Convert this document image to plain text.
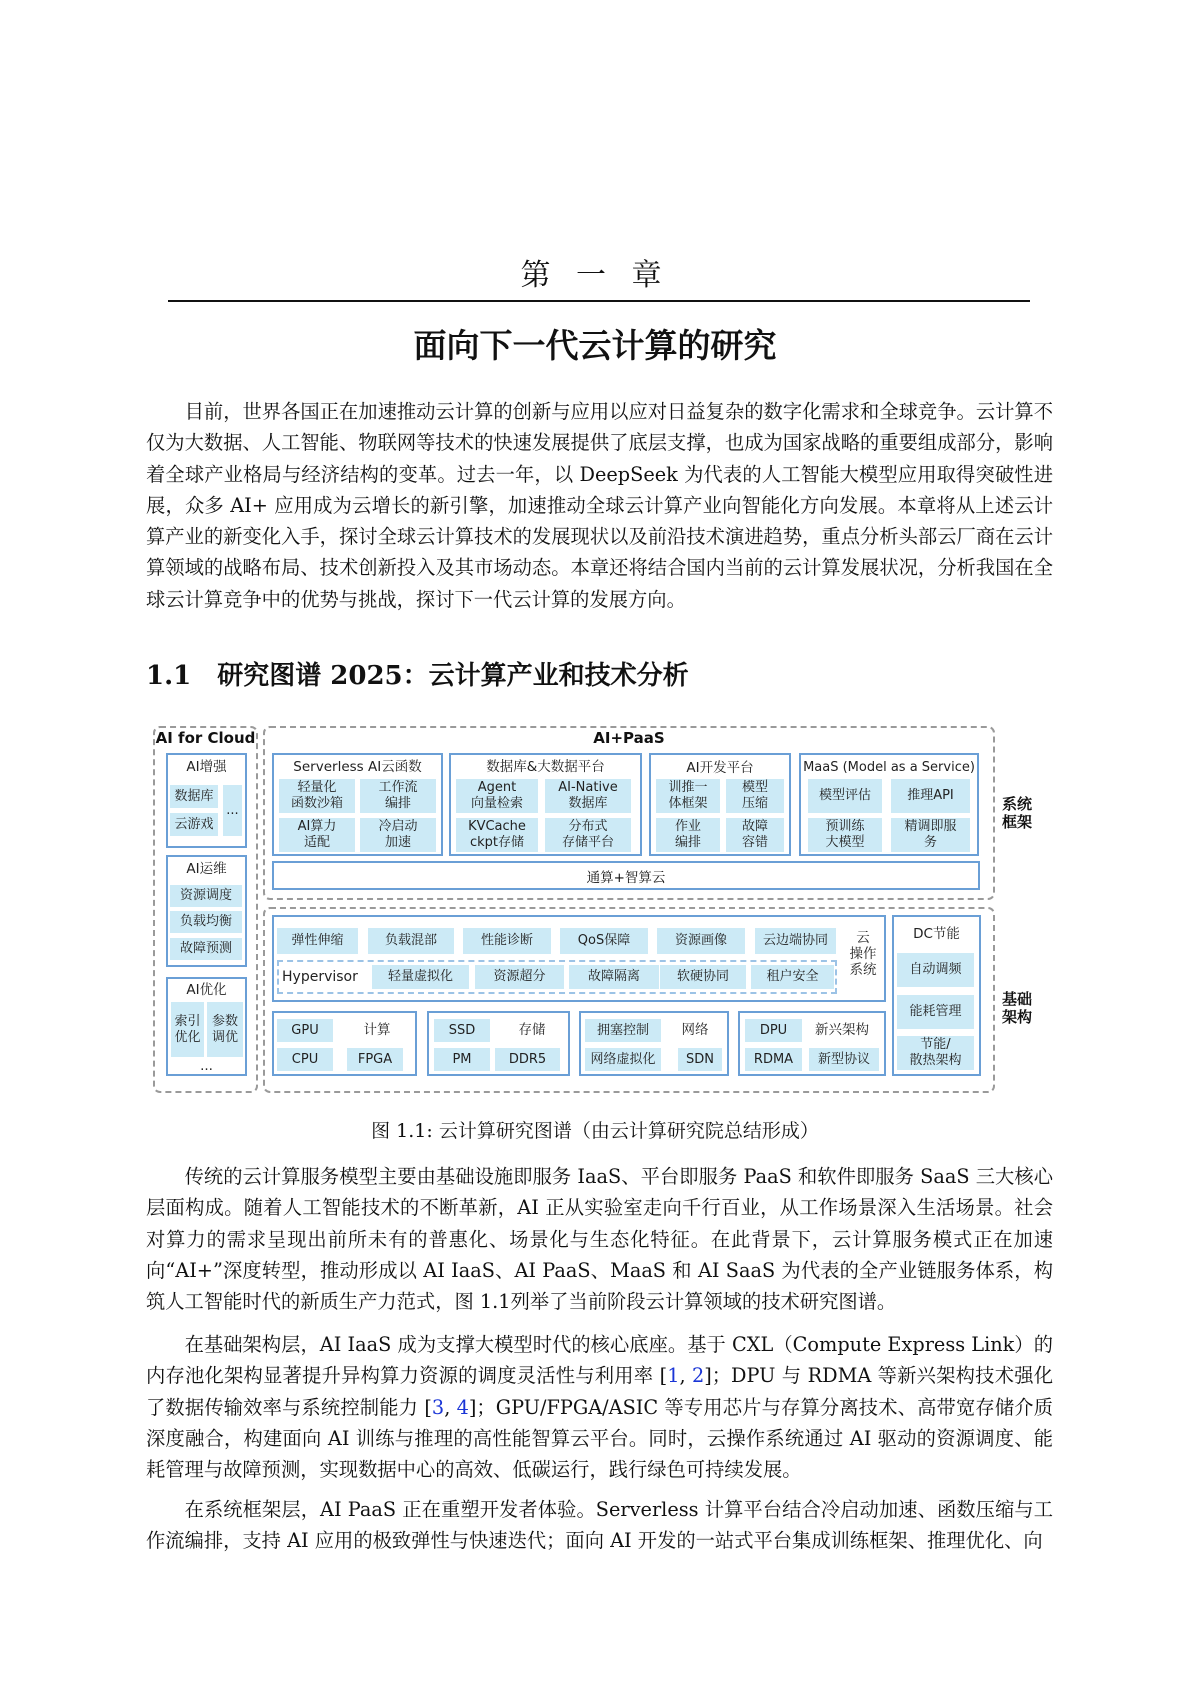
第 一 章
面向下一代云计算的研究

目前，世界各国正在加速推动云计算的创新与应用以应对日益复杂的数字化需求和全球竞争。云计算不仅为大数据、人工智能、物联网等技术的快速发展提供了底层支撑，也成为国家战略的重要组成部分，影响着全球产业格局与经济结构的变革。过去一年，以 DeepSeek 为代表的人工智能大模型应用取得突破性进展，众多 AI+ 应用成为云增长的新引擎，加速推动全球云计算产业向智能化方向发展。本章将从上述云计算产业的新变化入手，探讨全球云计算技术的发展现状以及前沿技术演进趋势，重点分析头部云厂商在云计算领域的战略布局、技术创新投入及其市场动态。本章还将结合国内当前的云计算发展状况，分析我国在全球云计算竞争中的优势与挑战，探讨下一代云计算的发展方向。

1.1 研究图谱 2025：云计算产业和技术分析
AI for Cloud
AI增强
数据库
云游戏
...
AI运维
资源调度
负载均衡
故障预测
AI优化
索引
优化
参数
调优
...
AI+PaaS
Serverless AI云函数
轻量化
函数沙箱
工作流
编排
AI算力
适配
冷启动
加速
数据库&大数据平台
Agent
向量检索
AI-Native
数据库
KVCache
ckpt存储
分布式
存储平台
AI开发平台
训推一
体框架
模型
压缩
作业
编排
故障
容错
MaaS (Model as a Service)
模型评估	推理API
预训练
大模型
精调即服
务
通算+智算云
系统
框架
弹性伸缩	负载混部	性能诊断	QoS保障	资源画像	云边端协同
Hypervisor	轻量虚拟化	资源超分	故障隔离	软硬协同	租户安全
云
操作
系统
GPU	计算
CPU	FPGA
SSD	存储
PM	DDR5
拥塞控制	网络
网络虚拟化	SDN
DPU	新兴架构
RDMA	新型协议
DC节能
自动调频
能耗管理
节能/
散热架构
基础
架构
图 1.1: 云计算研究图谱（由云计算研究院总结形成）

传统的云计算服务模型主要由基础设施即服务 IaaS、平台即服务 PaaS 和软件即服务 SaaS 三大核心层面构成。随着人工智能技术的不断革新，AI 正从实验室走向千行百业，从工作场景深入生活场景。社会对算力的需求呈现出前所未有的普惠化、场景化与生态化特征。在此背景下，云计算服务模式正在加速向“AI+”深度转型，推动形成以 AI IaaS、AI PaaS、MaaS 和 AI SaaS 为代表的全产业链服务体系，构筑人工智能时代的新质生产力范式，图 1.1列举了当前阶段云计算领域的技术研究图谱。

在基础架构层，AI IaaS 成为支撑大模型时代的核心底座。基于 CXL（Compute Express Link）的内存池化架构显著提升异构算力资源的调度灵活性与利用率 [1, 2]；DPU 与 RDMA 等新兴架构技术强化了数据传输效率与系统控制能力 [3, 4]；GPU/FPGA/ASIC 等专用芯片与存算分离技术、高带宽存储介质深度融合，构建面向 AI 训练与推理的高性能智算云平台。同时，云操作系统通过 AI 驱动的资源调度、能耗管理与故障预测，实现数据中心的高效、低碳运行，践行绿色可持续发展。

在系统框架层，AI PaaS 正在重塑开发者体验。Serverless 计算平台结合冷启动加速、函数压缩与工作流编排，支持 AI 应用的极致弹性与快速迭代；面向 AI 开发的一站式平台集成训练框架、推理优化、向
